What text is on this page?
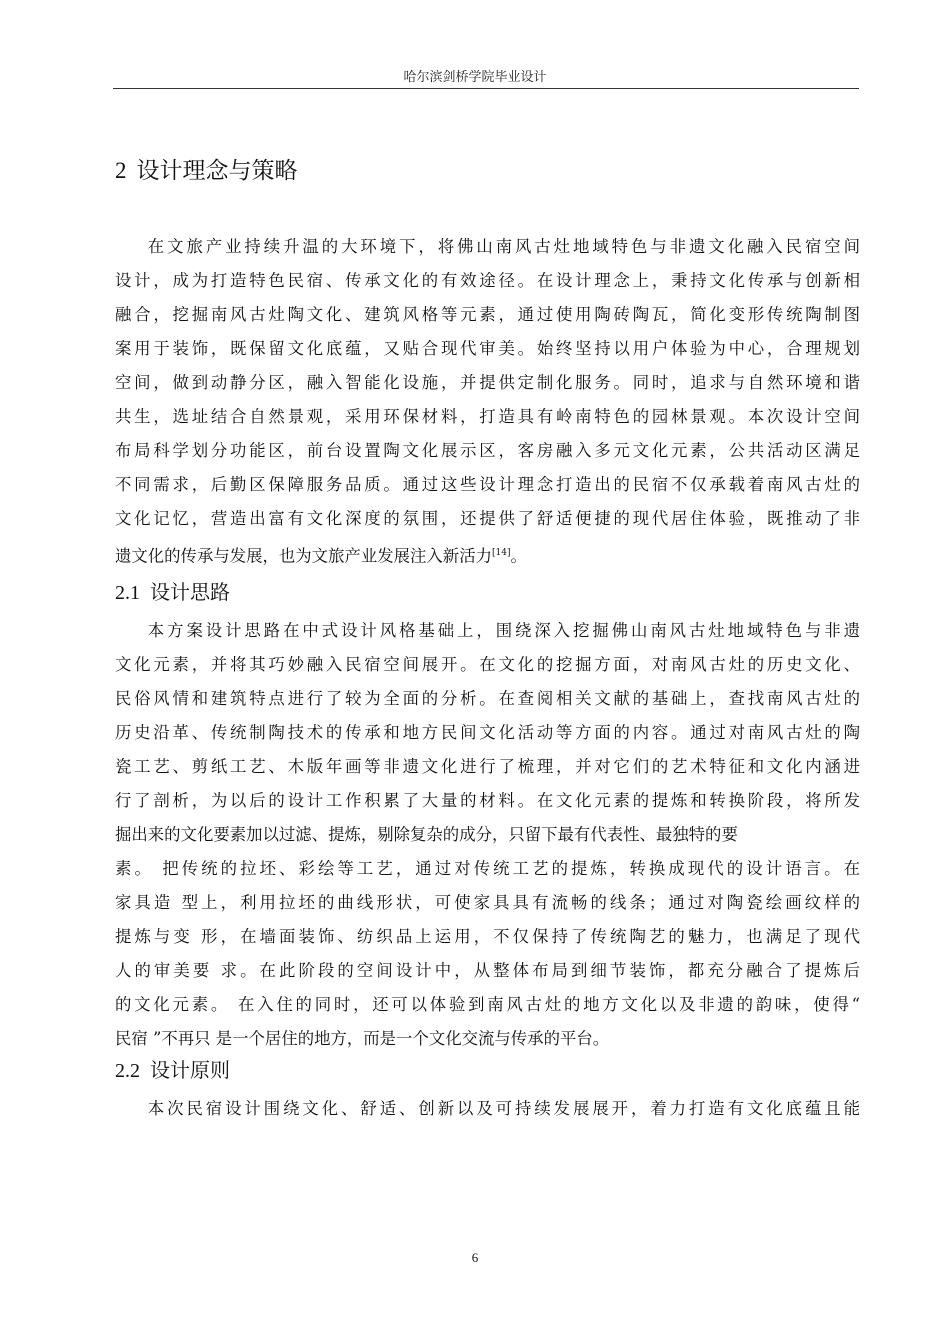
哈尔滨剑桥学院毕业设计
2 设计理念与策略
在文旅产业持续升温的大环境下，将佛山南风古灶地域特色与非遗文化融入民宿空间
设计，成为打造特色民宿、传承文化的有效途径。在设计理念上，秉持文化传承与创新相
融合，挖掘南风古灶陶文化、建筑风格等元素，通过使用陶砖陶瓦，简化变形传统陶制图
案用于装饰，既保留文化底蕴，又贴合现代审美。始终坚持以用户体验为中心，合理规划
空间，做到动静分区，融入智能化设施，并提供定制化服务。同时，追求与自然环境和谐
共生，选址结合自然景观，采用环保材料，打造具有岭南特色的园林景观。本次设计空间
布局科学划分功能区，前台设置陶文化展示区，客房融入多元文化元素，公共活动区满足
不同需求，后勤区保障服务品质。通过这些设计理念打造出的民宿不仅承载着南风古灶的
文化记忆，营造出富有文化深度的氛围，还提供了舒适便捷的现代居住体验，既推动了非
遗文化的传承与发展，也为文旅产业发展注入新活力[14]。
2.1 设计思路
本方案设计思路在中式设计风格基础上，围绕深入挖掘佛山南风古灶地域特色与非遗
文化元素，并将其巧妙融入民宿空间展开。在文化的挖掘方面，对南风古灶的历史文化、
民俗风情和建筑特点进行了较为全面的分析。在查阅相关文献的基础上，查找南风古灶的
历史沿革、传统制陶技术的传承和地方民间文化活动等方面的内容。通过对南风古灶的陶
瓷工艺、剪纸工艺、木版年画等非遗文化进行了梳理，并对它们的艺术特征和文化内涵进
行了剖析，为以后的设计工作积累了大量的材料。在文化元素的提炼和转换阶段，将所发
掘出来的文化要素加以过滤、提炼，剔除复杂的成分，只留下最有代表性、最独特的要
素。 把传统的拉坯、彩绘等工艺，通过对传统工艺的提炼，转换成现代的设计语言。在
家具造 型上，利用拉坯的曲线形状，可使家具具有流畅的线条；通过对陶瓷绘画纹样的
提炼与变 形，在墙面装饰、纺织品上运用，不仅保持了传统陶艺的魅力，也满足了现代
人的审美要 求。在此阶段的空间设计中，从整体布局到细节装饰，都充分融合了提炼后
的文化元素。 在入住的同时，还可以体验到南风古灶的地方文化以及非遗的韵味，使得“
民宿 ”不再只 是一个居住的地方，而是一个文化交流与传承的平台。
2.2 设计原则
本次民宿设计围绕文化、舒适、创新以及可持续发展展开，着力打造有文化底蕴且能
6
